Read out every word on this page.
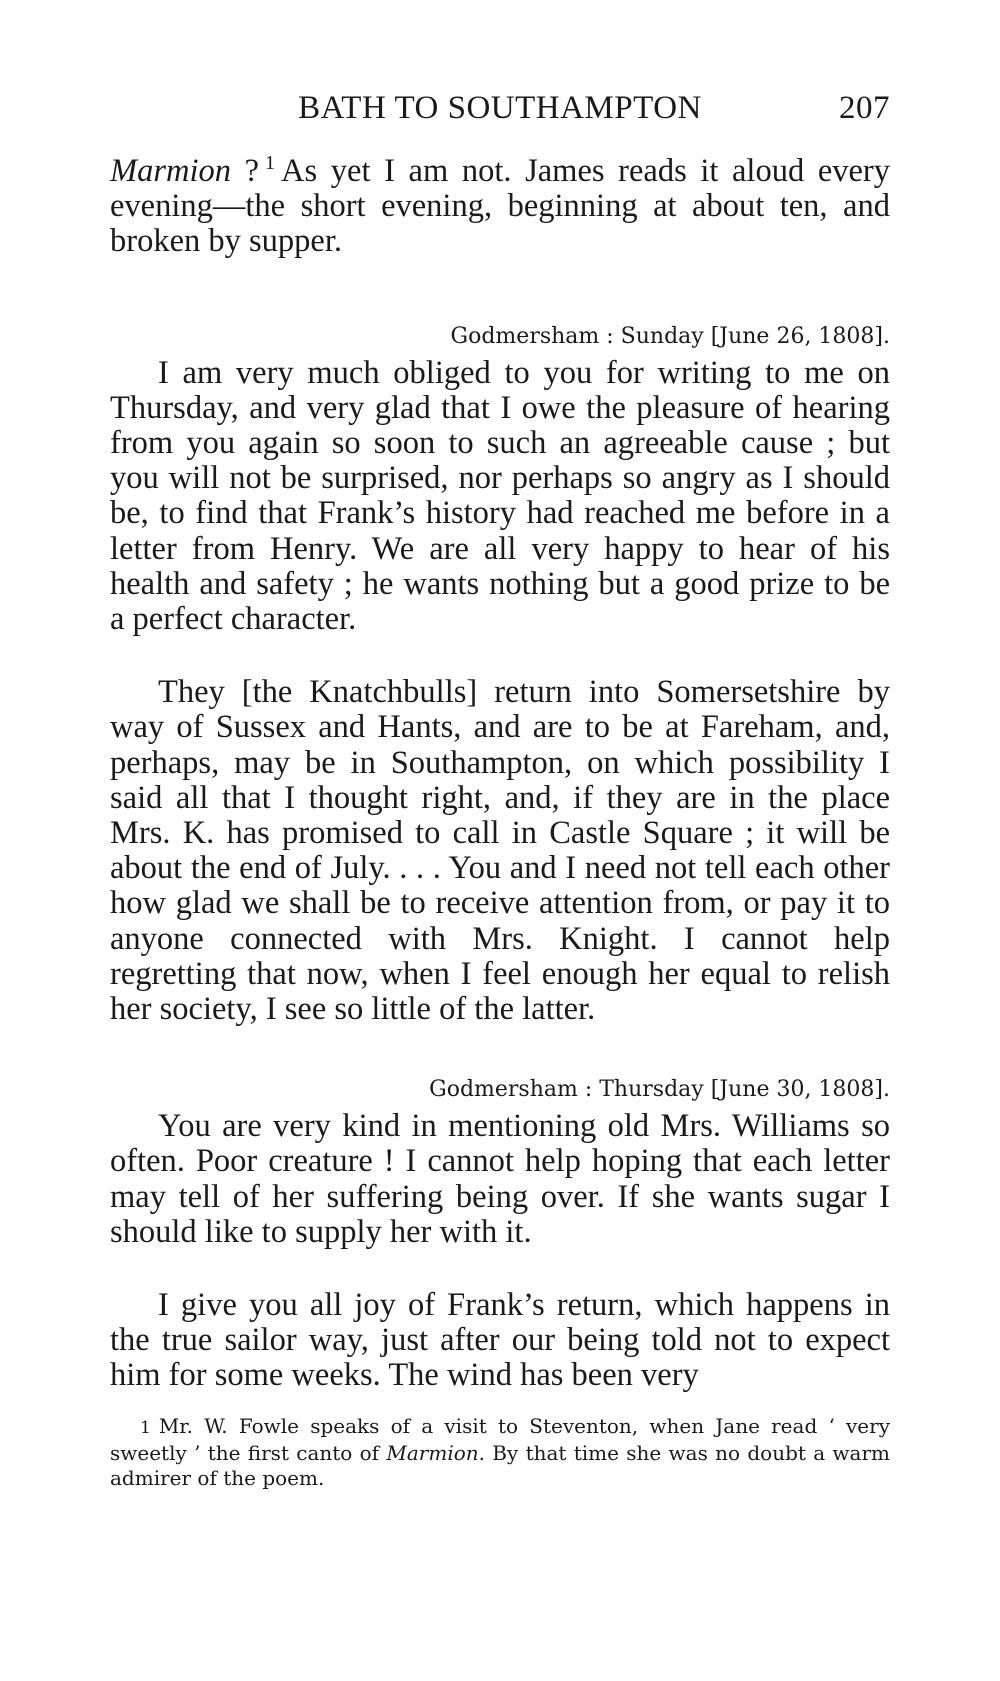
BATH TO SOUTHAMPTON	207

Marmion ? $^1$ As yet I am not. James reads it aloud every evening—the short evening, beginning at about ten, and broken by supper.

Godmersham : Sunday [June 26, 1808].

I am very much obliged to you for writing to me on Thursday, and very glad that I owe the pleasure of hearing from you again so soon to such an agreeable cause ; but you will not be surprised, nor perhaps so angry as I should be, to find that Frank’s history had reached me before in a letter from Henry. We are all very happy to hear of his health and safety ; he wants nothing but a good prize to be a perfect character.

They [the Knatchbulls] return into Somersetshire by way of Sussex and Hants, and are to be at Fareham, and, perhaps, may be in Southampton, on which possibility I said all that I thought right, and, if they are in the place Mrs. K. has promised to call in Castle Square ; it will be about the end of July. . . . You and I need not tell each other how glad we shall be to receive attention from, or pay it to anyone connected with Mrs. Knight. I cannot help regretting that now, when I feel enough her equal to relish her society, I see so little of the latter.

Godmersham : Thursday [June 30, 1808].

You are very kind in mentioning old Mrs. Williams so often. Poor creature ! I cannot help hoping that each letter may tell of her suffering being over. If she wants sugar I should like to supply her with it.

I give you all joy of Frank’s return, which happens in the true sailor way, just after our being told not to expect him for some weeks. The wind has been very

1 Mr. W. Fowle speaks of a visit to Steventon, when Jane read ‘ very sweetly ’ the first canto of Marmion. By that time she was no doubt a warm admirer of the poem.
